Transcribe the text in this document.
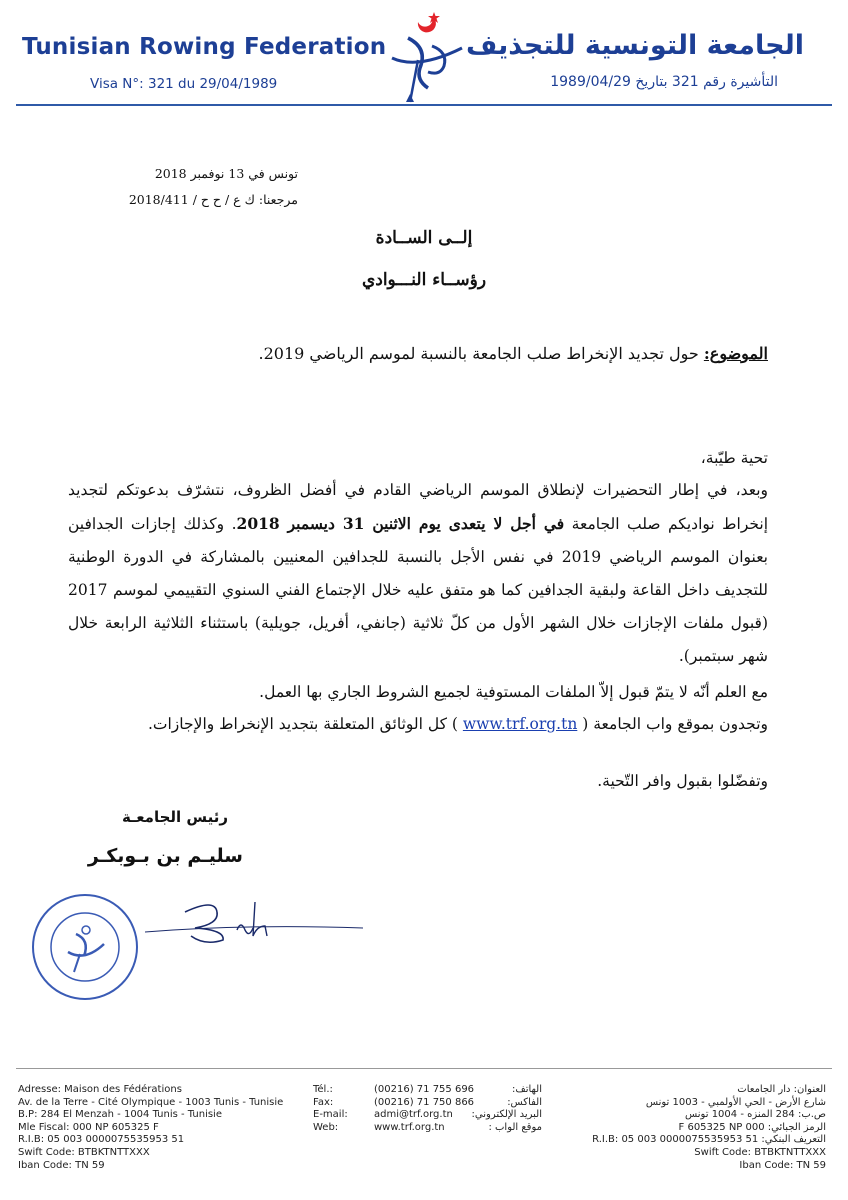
Tunisian Rowing Federation
Visa N°: 321 du 29/04/1989
الجامعة التونسية للتجذيف
التأشيرة رقم 321 بتاريخ 1989/04/29
تونس في 13 نوفمبر 2018
مرجعنا: ك ع / ح ح / 2018/411
إلــى الســادة
رؤســاء النـــوادي
الموضوع: حول تجديد الإنخراط صلب الجامعة بالنسبة لموسم الرياضي 2019.
تحية طيّبة،
وبعد، في إطار التحضيرات لإنطلاق الموسم الرياضي القادم في أفضل الظروف، نتشرّف بدعوتكم لتجديد إنخراط نواديكم صلب الجامعة في أجل لا يتعدى يوم الاثنين 31 ديسمبر 2018. وكذلك إجازات الجدافين بعنوان الموسم الرياضي 2019 في نفس الأجل بالنسبة للجدافين المعنيين بالمشاركة في الدورة الوطنية للتجديف داخل القاعة ولبقية الجدافين كما هو متفق عليه خلال الإجتماع الفني السنوي التقييمي لموسم 2017 (قبول ملفات الإجازات خلال الشهر الأول من كلّ ثلاثية (جانفي، أفريل، جويلية) باستثناء الثلاثية الرابعة خلال شهر سبتمبر).
مع العلم أنّه لا يتمّ قبول إلاّ الملفات المستوفية لجميع الشروط الجاري بها العمل.
وتجدون بموقع واب الجامعة ( www.trf.org.tn ) كل الوثائق المتعلقة بتجديد الإنخراط والإجازات.
وتفضّلوا بقبول وافر التّحية.
رئيس الجامعـة
سليـم بن بـوبكـر
Adresse: Maison des Fédérations
Av. de la Terre - Cité Olympique - 1003 Tunis - Tunisie
B.P: 284 El Menzah - 1004 Tunis - Tunisie
Mle Fiscal: 000 NP 605325 F
R.I.B: 05 003 0000075535953 51
Swift Code: BTBKTNTTXXX
Iban Code: TN 59
Tél.:
Fax:
E-mail:
Web:
(00216) 71 755 696
(00216) 71 750 866
admi@trf.org.tn
www.trf.org.tn
الهاتف:
الفاكس:
البريد الإلكتروني:
موقع الواب :
العنوان: دار الجامعات
شارع الأرض - الحي الأولمبي - 1003 تونس
ص.ب: 284 المنزه - 1004 تونس
الرمز الجبائي: F 605325 NP 000
التعريف البنكي: R.I.B: 05 003 0000075535953 51
Swift Code: BTBKTNTTXXX
Iban Code: TN 59
